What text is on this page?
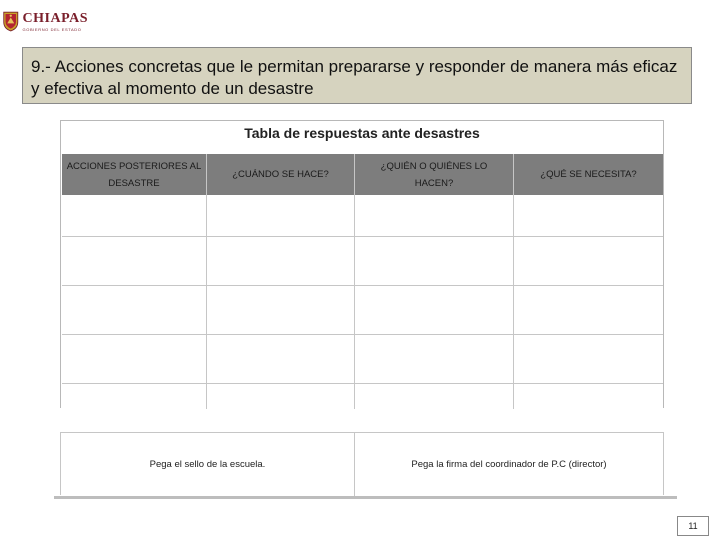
CHIAPAS
GOBIERNO DEL ESTADO
9.- Acciones concretas que le permitan prepararse y responder de manera más eficaz y efectiva al momento de un desastre
Tabla de respuestas ante desastres
ACCIONES POSTERIORES AL DESASTRE
¿CUÁNDO SE HACE?
¿QUIÉN O QUIÉNES LO HACEN?
¿QUÉ SE NECESITA?
Pega el sello de la escuela.	Pega la firma del coordinador de P.C (director)
11
